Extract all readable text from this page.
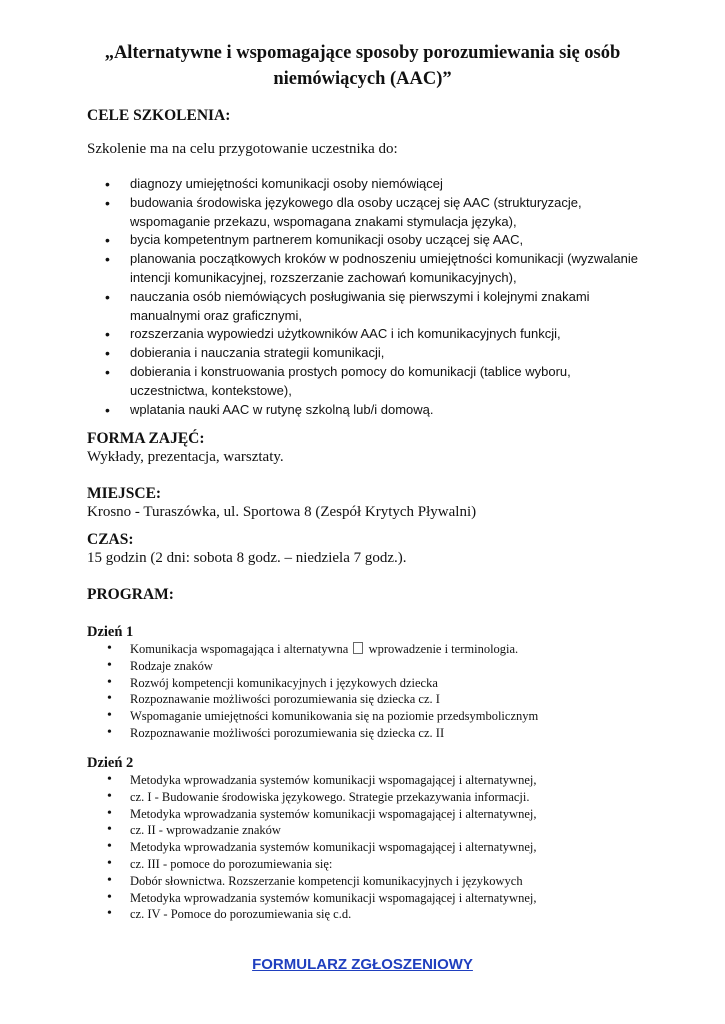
„Alternatywne i wspomagające sposoby porozumiewania się osób
niemówiących (AAC)”
CELE SZKOLENIA:
Szkolenie ma na celu przygotowanie uczestnika do:
• diagnozy umiejętności komunikacji osoby niemówiącej
• budowania środowiska językowego dla osoby uczącej się AAC (strukturyzacje, wspomaganie przekazu, wspomagana znakami stymulacja języka),
• bycia kompetentnym partnerem komunikacji osoby uczącej się AAC,
• planowania początkowych kroków w podnoszeniu umiejętności komunikacji (wyzwalanie intencji komunikacyjnej, rozszerzanie zachowań komunikacyjnych),
• nauczania osób niemówiących posługiwania się pierwszymi i kolejnymi znakami manualnymi oraz graficznymi,
• rozszerzania wypowiedzi użytkowników AAC i ich komunikacyjnych funkcji,
• dobierania i nauczania strategii komunikacji,
• dobierania i konstruowania prostych pomocy do komunikacji (tablice wyboru, uczestnictwa, kontekstowe),
• wplatania nauki AAC w rutynę szkolną lub/i domową.
FORMA ZAJĘĆ:
Wykłady, prezentacja, warsztaty.
MIEJSCE:
Krosno - Turaszówka, ul. Sportowa 8 (Zespół Krytych Pływalni)
CZAS:
15 godzin (2 dni: sobota 8 godz. – niedziela 7 godz.).
PROGRAM:
Dzień 1
• Komunikacja wspomagająca i alternatywna wprowadzenie i terminologia.
• Rodzaje znaków
• Rozwój kompetencji komunikacyjnych i językowych dziecka
• Rozpoznawanie możliwości porozumiewania się dziecka cz. I
• Wspomaganie umiejętności komunikowania się na poziomie przedsymbolicznym
• Rozpoznawanie możliwości porozumiewania się dziecka cz. II
Dzień 2
• Metodyka wprowadzania systemów komunikacji wspomagającej i alternatywnej,
• cz. I - Budowanie środowiska językowego. Strategie przekazywania informacji.
• Metodyka wprowadzania systemów komunikacji wspomagającej i alternatywnej,
• cz. II - wprowadzanie znaków
• Metodyka wprowadzania systemów komunikacji wspomagającej i alternatywnej,
• cz. III - pomoce do porozumiewania się:
• Dobór słownictwa. Rozszerzanie kompetencji komunikacyjnych i językowych
• Metodyka wprowadzania systemów komunikacji wspomagającej i alternatywnej,
• cz. IV - Pomoce do porozumiewania się c.d.
FORMULARZ ZGŁOSZENIOWY
